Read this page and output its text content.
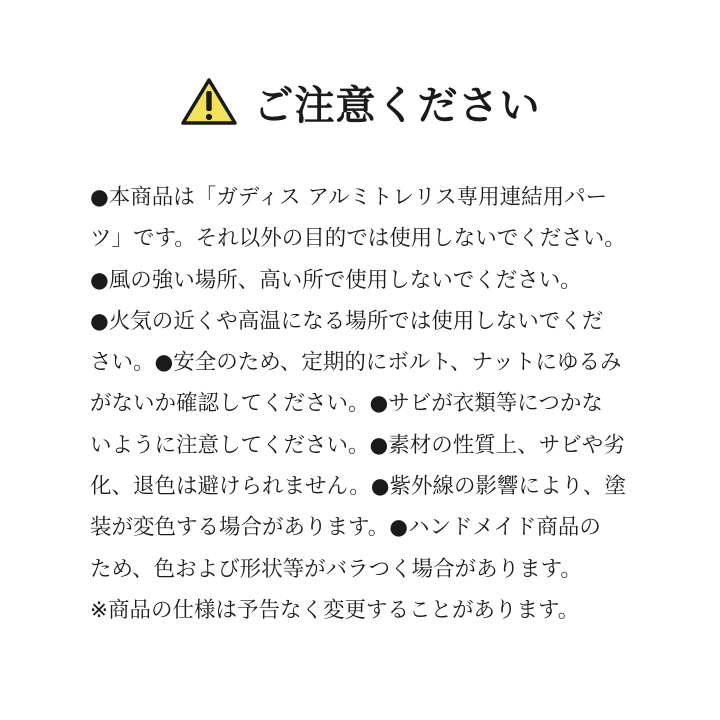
ご注意ください
●本商品は「ガディス アルミトレリス専用連結用パー
ツ」です。それ以外の目的では使用しないでください。
●風の強い場所、高い所で使用しないでください。
●火気の近くや高温になる場所では使用しないでくだ
さい。●安全のため、定期的にボルト、ナットにゆるみ
がないか確認してください。●サビが衣類等につかな
いように注意してください。●素材の性質上、サビや劣
化、退色は避けられません。●紫外線の影響により、塗
装が変色する場合があります。●ハンドメイド商品の
ため、色および形状等がバラつく場合があります。
※商品の仕様は予告なく変更することがあります。
